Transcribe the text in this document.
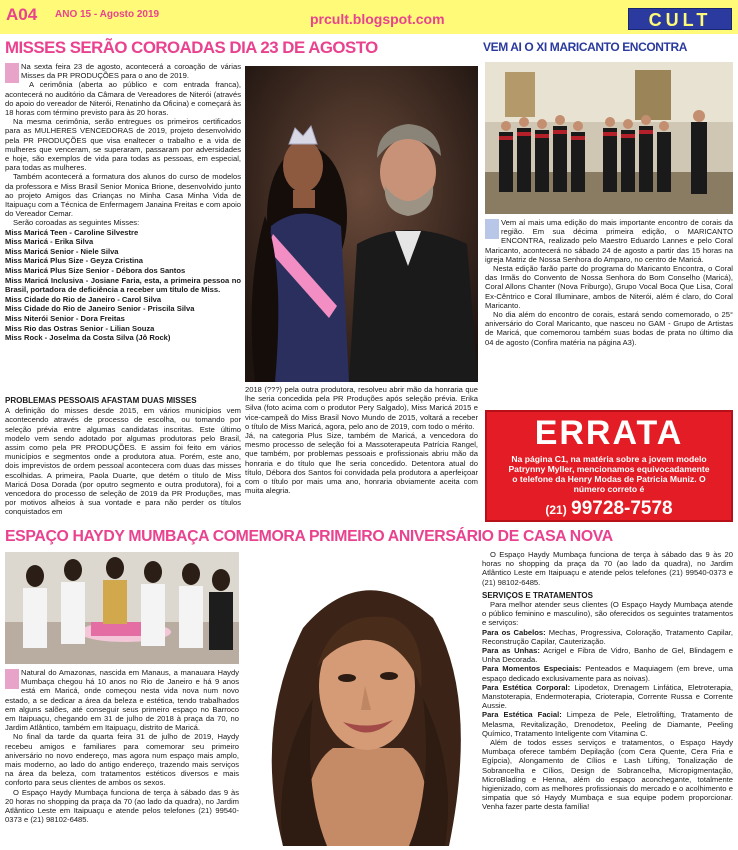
A04 ANO 15 - Agosto 2019	prcult.blogspot.com	CULT
MISSES SERÃO COROADAS DIA 23 DE AGOSTO

Na sexta feira 23 de agosto, acontecerá a coroação de várias Misses da PR PRODUÇÕES para o ano de 2019.

A cerimônia (aberta ao público e com entrada franca), acontecerá no auditório da Câmara de Vereadores de Niterói (através do apoio do vereador de Niterói, Renatinho da Oficina) e começará às 18 horas com término previsto para às 20 horas.

Na mesma cerimônia, serão entregues os primeiros certificados para as MULHERES VENCEDORAS de 2019, projeto desenvolvido pela PR PRODUÇÕES que visa enaltecer o trabalho e a vida de mulheres que venceram, se superaram, passaram por adversidades e hoje, são exemplos de vida para todas as pessoas, em especial, para todas as mulheres.

Também acontecerá a formatura dos alunos do curso de modelos da professora e Miss Brasil Senior Monica Brione, desenvolvido junto ao projeto Amigos das Crianças no Minha Casa Minha Vida de Itaipuaçu com a Técnica de Enfermagem Janaina Freitas e com apoio do Vereador Cemar.

Serão coroadas as seguintes Misses:

Miss Maricá Teen - Caroline Silvestre
Miss Maricá - Erika Silva
Miss Maricá Senior - Niele Silva
Miss Maricá Plus Size - Geyza Cristina
Miss Maricá Plus Size Senior - Débora dos Santos
Miss Maricá Inclusiva - Josiane Faria, esta, a primeira pessoa no Brasil, portadora de deficiência a receber um título de Miss.
Miss Cidade do Rio de Janeiro - Carol Silva
Miss Cidade do Rio de Janeiro Senior - Priscila Silva
Miss Niterói Senior - Dora Freitas
Miss Rio das Ostras Senior - Lilian Souza
Miss Rock - Joselma da Costa Silva (Jô Rock)
PROBLEMAS PESSOAIS AFASTAM DUAS MISSES

A definição do misses desde 2015, em vários municípios vem acontecendo através de processo de escolha, ou tomando por seleção prévia entre algumas candidatas inscritas. Este último modelo vem sendo adotado por algumas produtoras pelo Brasil, assim como pela PR PRODUÇÕES. E assim foi feito em vários municípios e segmentos onde a produtora atua. Porém, este ano, dois imprevistos de ordem pessoal acontecera com duas das misses escolhidas. A primeira, Paola Duarte, que detém o título de Miss Maricá Dosa Dorada (por oputro segmento e outra produtora), foi a vencedora do processo de seleção de 2019 da PR Produções, mas por motivos alheios à sua vontade e para não perder os títulos conquistados em

2018 (???) pela outra produtora, resolveu abrir mão da honraria que lhe seria concedida pela PR Produções após seleção prévia. Erika Silva (foto acima com o produtor Pery Salgado), Miss Maricá 2015 e vice-campeã do Miss Brasil Novo Mundo de 2015, voltará a receber o título de Miss Maricá, agora, pelo ano de 2019, com todo o mérito.

Já, na categoria Plus Size, também de Maricá, a vencedora do mesmo processo de seleção foi a Massoterapeuta Patrícia Rangel, que também, por problemas pessoais e profissionais abriu mão da honraria e do título que lhe seria concedido. Detentora atual do título, Débora dos Santos foi convidada pela produtora a aperfeiçoar com o título por mais uma ano, honraria obviamente aceita com muita alegria.

VEM AI O XI MARICANTO ENCONTRA

Vem aí mais uma edição do mais importante encontro de corais da região. Em sua décima primeira edição, o MARICANTO ENCONTRA, realizado pelo Maestro Eduardo Lannes e pelo Coral Maricanto, acontecerá no sábado 24 de agosto a partir das 15 horas na igreja Matriz de Nossa Senhora do Amparo, no centro de Maricá.

Nesta edição farão parte do programa do Maricanto Encontra, o Coral das Irmãs do Convento de Nossa Senhora do Bom Conselho (Maricá), Coral Allons Chanter (Nova Friburgo), Grupo Vocal Boca Que Lisa, Coral Ex-Cêntrico e Coral Illuminare, ambos de Niterói, além é claro, do Coral Maricanto.

No dia além do encontro de corais, estará sendo comemorado, o 25° aniversário do Coral Maricanto, que nasceu no GAM - Grupo de Artistas de Maricá, que comemorou também suas bodas de prata no último dia 04 de agosto (Confira matéria na página A3).

ERRATA
Na página C1, na matéria sobre a jovem modelo Patrynny Myller, mencionamos equivocadamente o telefone da Henry Modas de Patricia Muniz. O número correto é
(21) 99728-7578
ESPAÇO HAYDY MUMBAÇA COMEMORA PRIMEIRO ANIVERSÁRIO DE CASA NOVA

Natural do Amazonas, nascida em Manaus, a manauara Haydy Mumbaça chegou há 10 anos no Rio de Janeiro e há 9 anos está em Maricá, onde começou nesta vida nova num novo estado, a se dedicar a área da beleza e estética, tendo trabalhados em alguns salões, até conseguir seus primeiro espaço no Barroco em Itaipuaçu, chegando em 31 de julho de 2018 à praça da 70, no Jardim Atlântico, também em Itaipuaçu, distrito de Maricá.

No final da tarde da quarta feira 31 de julho de 2019, Haydy recebeu amigos e familiares para comemorar seu primeiro aniversário no novo endereço, mas agora num espaço mais amplo, mais moderno, ao lado do antigo endereço, trazendo mais serviços na área da beleza, com tratamentos estéticos diversos e mais conforto para seus clientes de ambos os sexos.

O Espaço Haydy Mumbaça funciona de terça à sábado das 9 às 20 horas no shopping da praça da 70 (ao lado da quadra), no Jardim Atlântico Leste em Itaipuaçu e atende pelos telefones (21) 99540-0373 e (21) 98102-6485.

O Espaço Haydy Mumbaça funciona de terça à sábado das 9 às 20 horas no shopping da praça da 70 (ao lado da quadra), no Jardim Atlântico Leste em Itaipuaçu e atende pelos telefones (21) 99540-0373 e (21) 98102-6485.

SERVIÇOS E TRATAMENTOS

Para melhor atender seus clientes (O Espaço Haydy Mumbaça atende o público feminino e masculino), são oferecidos os seguintes tratamentos e serviços:

Para os Cabelos: Mechas, Progressiva, Coloração, Tratamento Capilar, Reconstrução Capilar, Cauterização.

Para as Unhas: Acrigel e Fibra de Vidro, Banho de Gel, Blindagem e Unha Decorada.

Para Momentos Especiais: Penteados e Maquiagem (em breve, uma espaço dedicado exclusivamente para as noivas).

Para Estética Corporal: Lipodetox, Drenagem Linfática, Eletroterapia, Manstoterapia, Endermoterapia, Crioterapia, Corrente Russa e Corrente Aussie.

Para Estética Facial: Limpeza de Pele, Eletrolifting, Tratamento de Melasma, Revitalização, Drenodetox, Peeling de Diamante, Peeling Químico, Tratamento Inteligente com Vitamina C.

Além de todos esses serviços e tratamentos, o Espaço Haydy Mumbaça oferece também Depilação (com Cera Quente, Cera Fria e Egípcia), Alongamento de Cílios e Lash Lifting, Tonalização de Sobrancelha e Cílios, Design de Sobrancelha, Micropigmentação, MicroBlading e Henna, além do espaço aconchegante, totalmente higienizado, com as melhores profissionais do mercado e o acolhimento e simpatia que só Haydy Mumbaça e sua equipe podem proporcionar. Venha fazer parte desta família!
